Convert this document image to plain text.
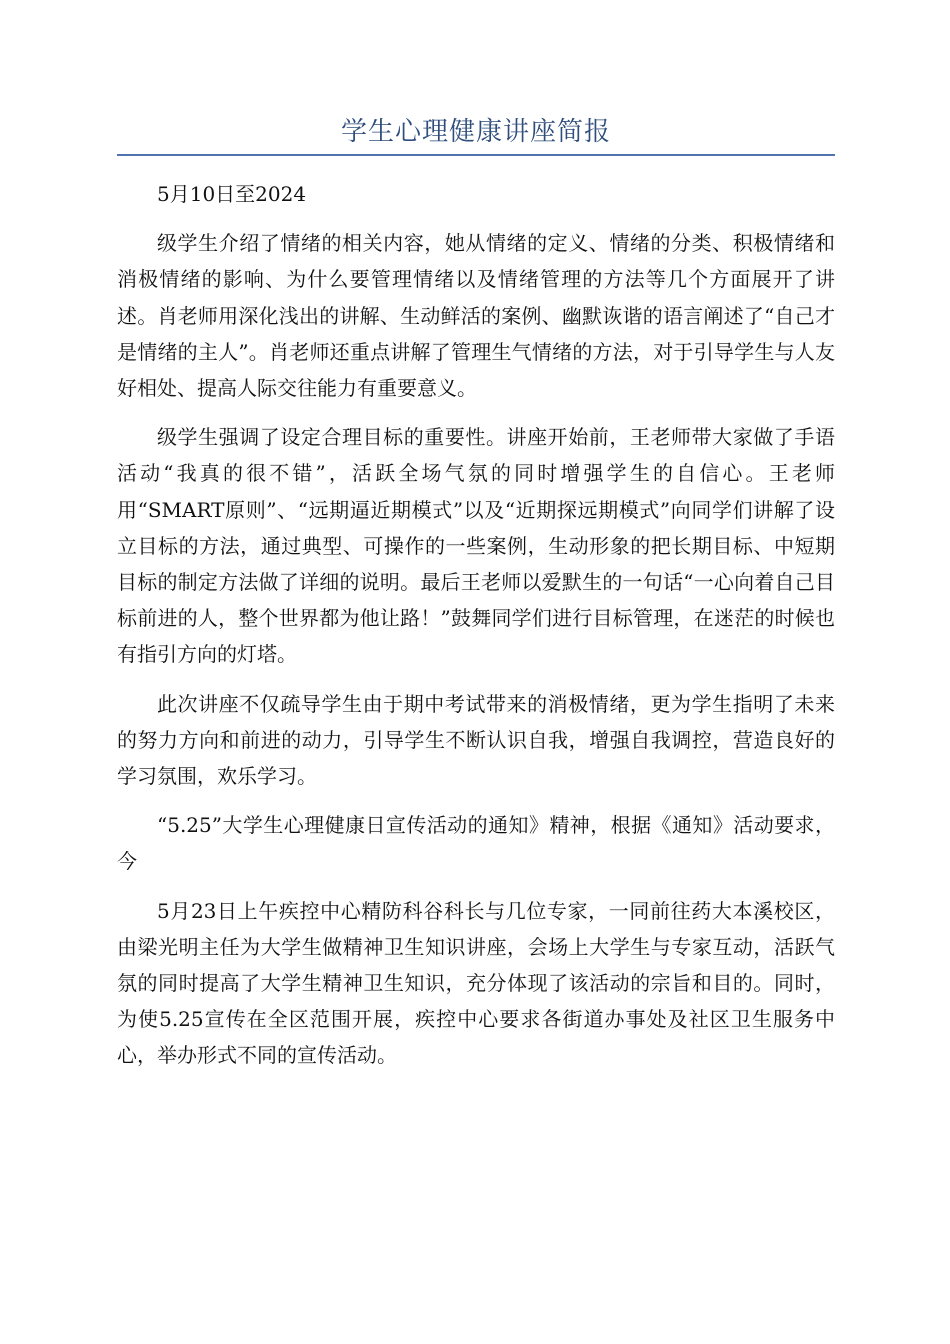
学生心理健康讲座简报

5月10日至2024

级学生介绍了情绪的相关内容，她从情绪的定义、情绪的分类、积极情绪和消极情绪的影响、为什么要管理情绪以及情绪管理的方法等几个方面展开了讲述。肖老师用深化浅出的讲解、生动鲜活的案例、幽默诙谐的语言阐述了“自己才是情绪的主人”。肖老师还重点讲解了管理生气情绪的方法，对于引导学生与人友好相处、提高人际交往能力有重要意义。

级学生强调了设定合理目标的重要性。讲座开始前，王老师带大家做了手语活动“我真的很不错”，活跃全场气氛的同时增强学生的自信心。王老师用“SMART原则”、“远期逼近期模式”以及“近期探远期模式”向同学们讲解了设立目标的方法，通过典型、可操作的一些案例，生动形象的把长期目标、中短期目标的制定方法做了详细的说明。最后王老师以爱默生的一句话“一心向着自己目标前进的人，整个世界都为他让路！”鼓舞同学们进行目标管理，在迷茫的时候也有指引方向的灯塔。

此次讲座不仅疏导学生由于期中考试带来的消极情绪，更为学生指明了未来的努力方向和前进的动力，引导学生不断认识自我，增强自我调控，营造良好的学习氛围，欢乐学习。

“5.25”大学生心理健康日宣传活动的通知》精神，根据《通知》活动要求，今

5月23日上午疾控中心精防科谷科长与几位专家，一同前往药大本溪校区，由梁光明主任为大学生做精神卫生知识讲座，会场上大学生与专家互动，活跃气氛的同时提高了大学生精神卫生知识，充分体现了该活动的宗旨和目的。同时，为使5.25宣传在全区范围开展，疾控中心要求各街道办事处及社区卫生服务中心，举办形式不同的宣传活动。
